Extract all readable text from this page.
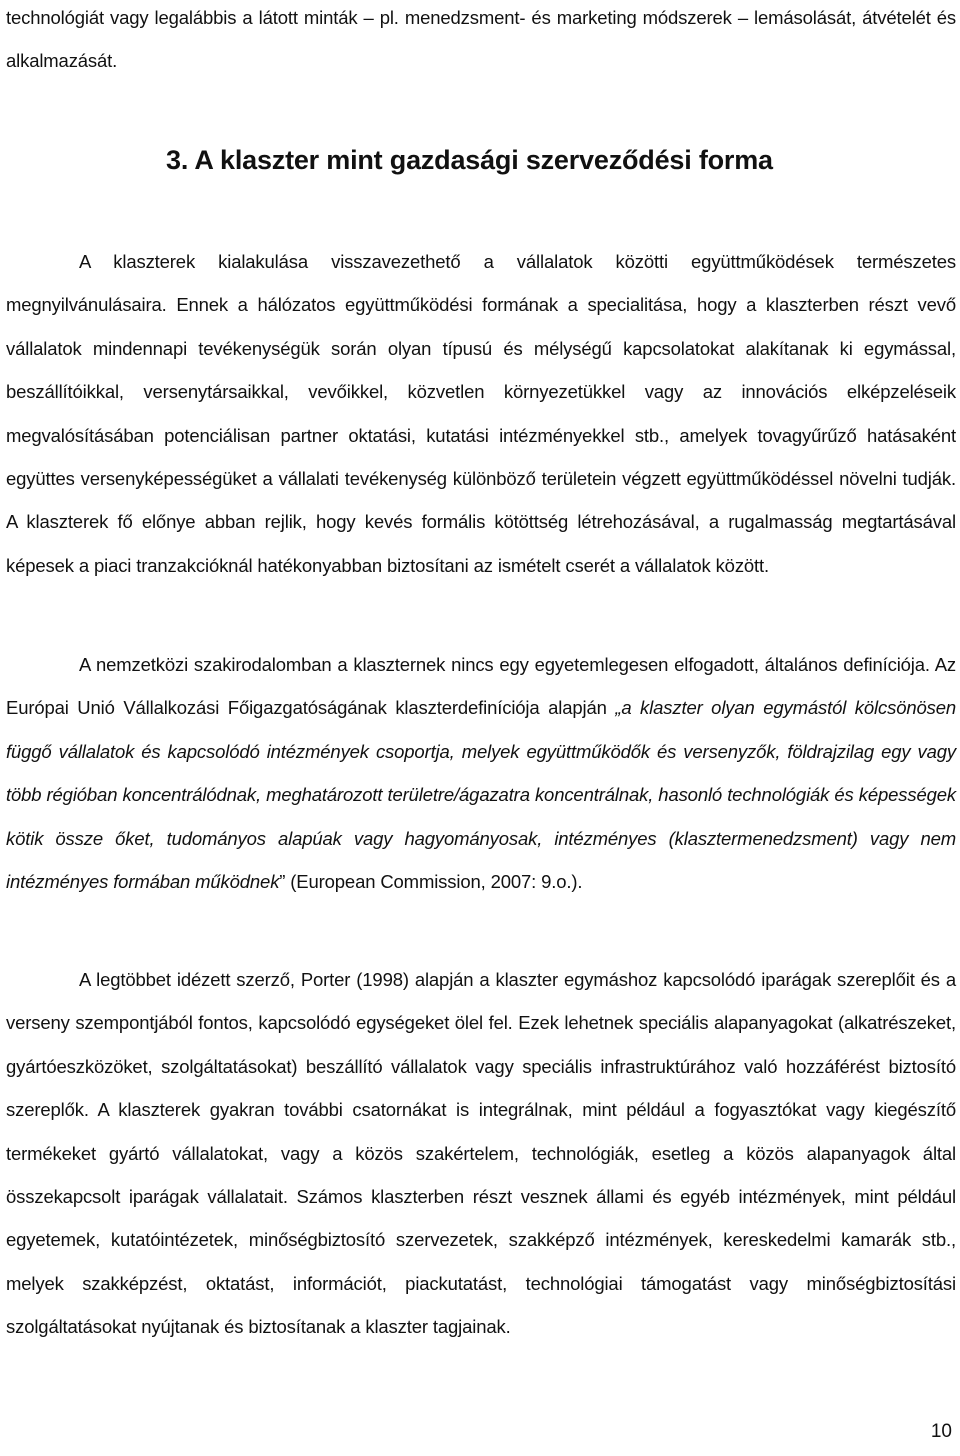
technológiát vagy legalábbis a látott minták – pl. menedzsment- és marketing módszerek – lemásolását, átvételét és alkalmazását.

3. A klaszter mint gazdasági szerveződési forma

A klaszterek kialakulása visszavezethető a vállalatok közötti együttműködések természetes megnyilvánulásaira. Ennek a hálózatos együttműködési formának a specialitása, hogy a klaszterben részt vevő vállalatok mindennapi tevékenységük során olyan típusú és mélységű kapcsolatokat alakítanak ki egymással, beszállítóikkal, versenytársaikkal, vevőikkel, közvetlen környezetükkel vagy az innovációs elképzeléseik megvalósításában potenciálisan partner oktatási, kutatási intézményekkel stb., amelyek tovagyűrűző hatásaként együttes versenyképességüket a vállalati tevékenység különböző területein végzett együttműködéssel növelni tudják. A klaszterek fő előnye abban rejlik, hogy kevés formális kötöttség létrehozásával, a rugalmasság megtartásával képesek a piaci tranzakcióknál hatékonyabban biztosítani az ismételt cserét a vállalatok között.

A nemzetközi szakirodalomban a klaszternek nincs egy egyetemlegesen elfogadott, általános definíciója. Az Európai Unió Vállalkozási Főigazgatóságának klaszterdefiníciója alapján „a klaszter olyan egymástól kölcsönösen függő vállalatok és kapcsolódó intézmények csoportja, melyek együttműködők és versenyzők, földrajzilag egy vagy több régióban koncentrálódnak, meghatározott területre/ágazatra koncentrálnak, hasonló technológiák és képességek kötik össze őket, tudományos alapúak vagy hagyományosak, intézményes (klasztermenedzsment) vagy nem intézményes formában működnek” (European Commission, 2007: 9.o.).

A legtöbbet idézett szerző, Porter (1998) alapján a klaszter egymáshoz kapcsolódó iparágak szereplőit és a verseny szempontjából fontos, kapcsolódó egységeket ölel fel. Ezek lehetnek speciális alapanyagokat (alkatrészeket, gyártóeszközöket, szolgáltatásokat) beszállító vállalatok vagy speciális infrastruktúrához való hozzáférést biztosító szereplők. A klaszterek gyakran további csatornákat is integrálnak, mint például a fogyasztókat vagy kiegészítő termékeket gyártó vállalatokat, vagy a közös szakértelem, technológiák, esetleg a közös alapanyagok által összekapcsolt iparágak vállalatait. Számos klaszterben részt vesznek állami és egyéb intézmények, mint például egyetemek, kutatóintézetek, minőségbiztosító szervezetek, szakképző intézmények, kereskedelmi kamarák stb., melyek szakképzést, oktatást, információt, piackutatást, technológiai támogatást vagy minőségbiztosítási szolgáltatásokat nyújtanak és biztosítanak a klaszter tagjainak.

10
